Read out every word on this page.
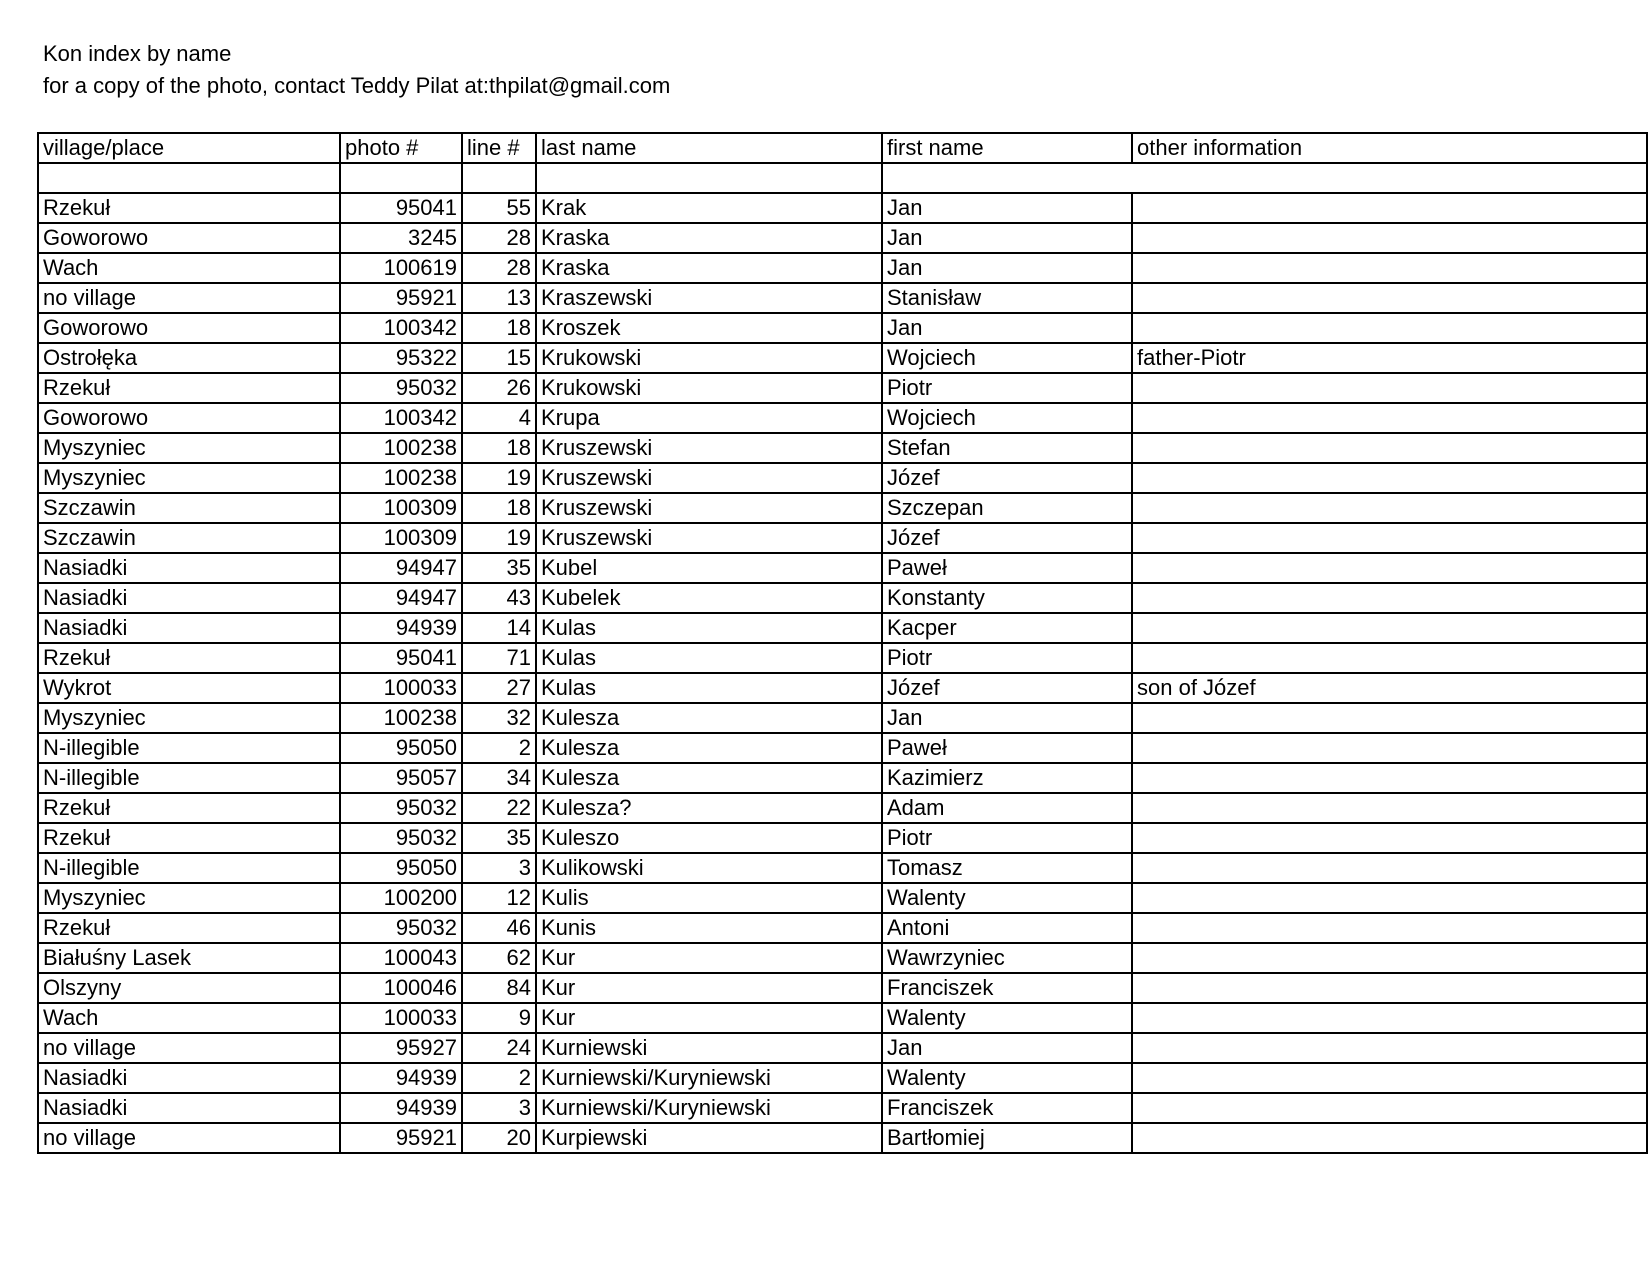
Kon index by name
for a copy of the photo, contact Teddy Pilat at:thpilat@gmail.com
village/place	photo #	line #	last name	first name	other information

Rzekuł	95041	55	Krak	Jan	
Goworowo	3245	28	Kraska	Jan	
Wach	100619	28	Kraska	Jan	
no village	95921	13	Kraszewski	Stanisław	
Goworowo	100342	18	Kroszek	Jan	
Ostrołęka	95322	15	Krukowski	Wojciech	father-Piotr
Rzekuł	95032	26	Krukowski	Piotr	
Goworowo	100342	4	Krupa	Wojciech	
Myszyniec	100238	18	Kruszewski	Stefan	
Myszyniec	100238	19	Kruszewski	Józef	
Szczawin	100309	18	Kruszewski	Szczepan	
Szczawin	100309	19	Kruszewski	Józef	
Nasiadki	94947	35	Kubel	Paweł	
Nasiadki	94947	43	Kubelek	Konstanty	
Nasiadki	94939	14	Kulas	Kacper	
Rzekuł	95041	71	Kulas	Piotr	
Wykrot	100033	27	Kulas	Józef	son of Józef
Myszyniec	100238	32	Kulesza	Jan	
N-illegible	95050	2	Kulesza	Paweł	
N-illegible	95057	34	Kulesza	Kazimierz	
Rzekuł	95032	22	Kulesza?	Adam	
Rzekuł	95032	35	Kuleszo	Piotr	
N-illegible	95050	3	Kulikowski	Tomasz	
Myszyniec	100200	12	Kulis	Walenty	
Rzekuł	95032	46	Kunis	Antoni	
Białuśny Lasek	100043	62	Kur	Wawrzyniec	
Olszyny	100046	84	Kur	Franciszek	
Wach	100033	9	Kur	Walenty	
no village	95927	24	Kurniewski	Jan	
Nasiadki	94939	2	Kurniewski/Kuryniewski	Walenty	
Nasiadki	94939	3	Kurniewski/Kuryniewski	Franciszek	
no village	95921	20	Kurpiewski	Bartłomiej	
